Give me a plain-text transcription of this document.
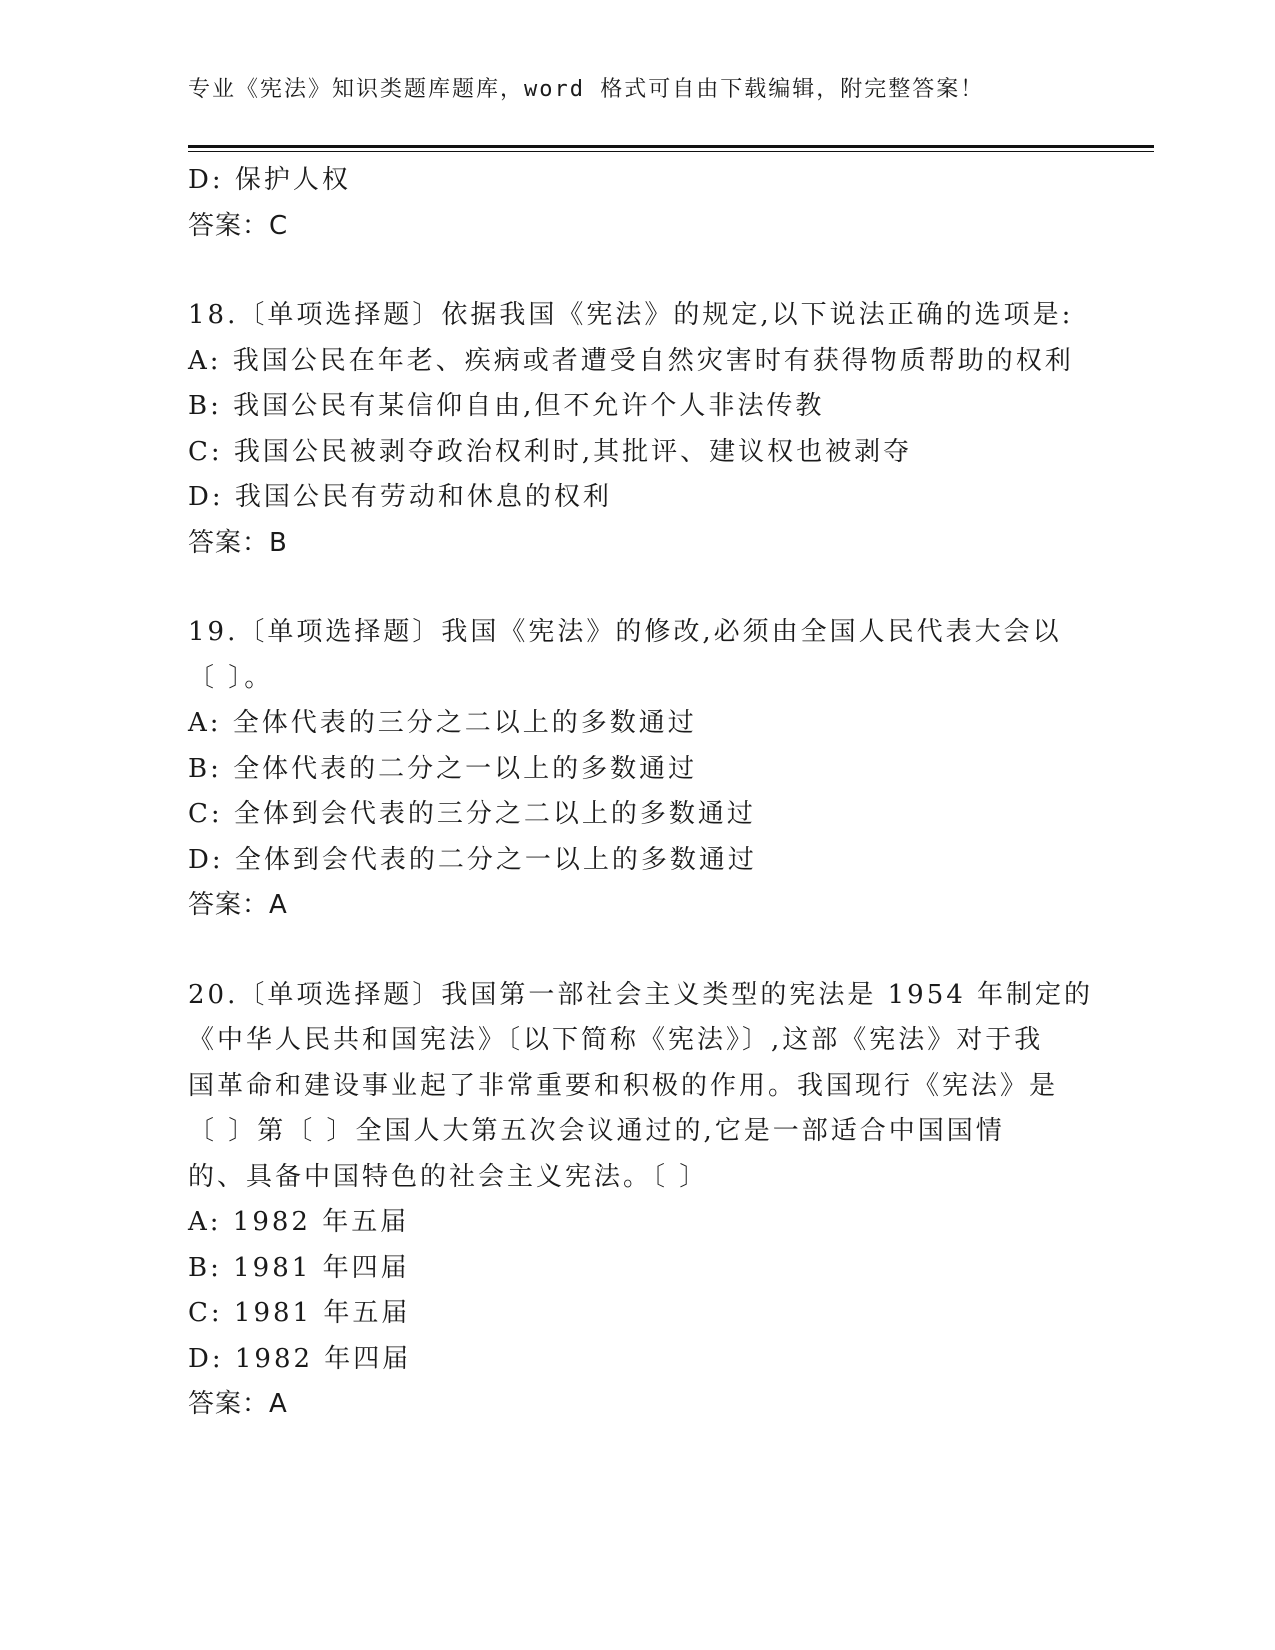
专业《宪法》知识类题库题库，word 格式可自由下载编辑，附完整答案！
D: 保护人权
答案：C
18.〔单项选择题〕依据我国《宪法》的规定,以下说法正确的选项是:
A: 我国公民在年老、疾病或者遭受自然灾害时有获得物质帮助的权利
B: 我国公民有某信仰自由,但不允许个人非法传教
C: 我国公民被剥夺政治权利时,其批评、建议权也被剥夺
D: 我国公民有劳动和休息的权利
答案：B
19.〔单项选择题〕我国《宪法》的修改,必须由全国人民代表大会以
〔 〕。
A: 全体代表的三分之二以上的多数通过
B: 全体代表的二分之一以上的多数通过
C: 全体到会代表的三分之二以上的多数通过
D: 全体到会代表的二分之一以上的多数通过
答案：A
20.〔单项选择题〕我国第一部社会主义类型的宪法是 1954 年制定的
《中华人民共和国宪法》〔以下简称《宪法》〕,这部《宪法》对于我
国革命和建设事业起了非常重要和积极的作用。我国现行《宪法》是
〔 〕第〔 〕全国人大第五次会议通过的,它是一部适合中国国情
的、具备中国特色的社会主义宪法。〔 〕
A: 1982 年五届
B: 1981 年四届
C: 1981 年五届
D: 1982 年四届
答案：A
